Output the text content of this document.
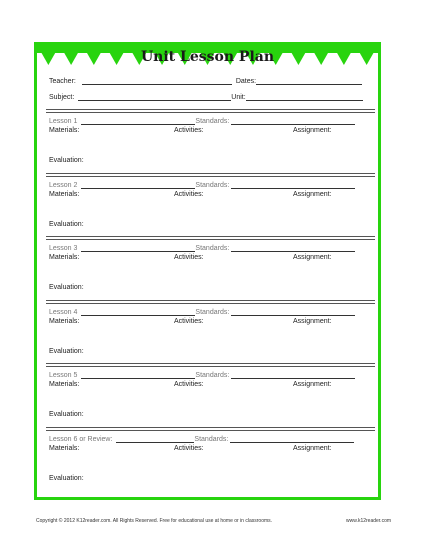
Unit Lesson Plan
Teacher:	Dates:
Subject:	Unit:
Lesson 1	Standards:
Materials:	Activities:	Assignment:
Evaluation:
Lesson 2	Standards:
Materials:	Activities:	Assignment:
Evaluation:
Lesson 3	Standards:
Materials:	Activities:	Assignment:
Evaluation:
Lesson 4	Standards:
Materials:	Activities:	Assignment:
Evaluation:
Lesson 5	Standards:
Materials:	Activities:	Assignment:
Evaluation:
Lesson 6 or Review:	Standards:
Materials:	Activities:	Assignment:
Evaluation:
Copyright © 2012 K12reader.com. All Rights Reserved. Free for educational use at home or in classrooms.	www.k12reader.com
